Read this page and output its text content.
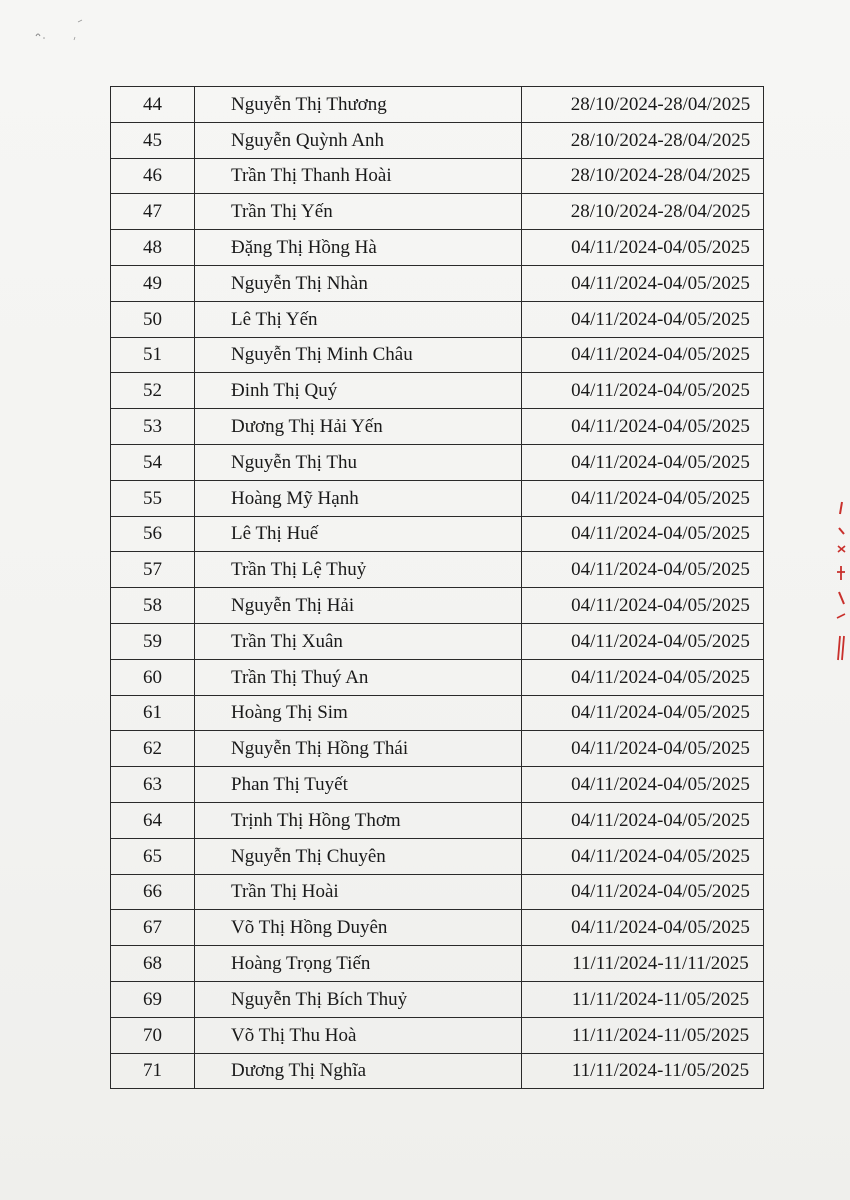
44	Nguyễn Thị Thương	28/10/2024-28/04/2025
45	Nguyễn Quỳnh Anh	28/10/2024-28/04/2025
46	Trần Thị Thanh Hoài	28/10/2024-28/04/2025
47	Trần Thị Yến	28/10/2024-28/04/2025
48	Đặng Thị Hồng Hà	04/11/2024-04/05/2025
49	Nguyễn Thị Nhàn	04/11/2024-04/05/2025
50	Lê Thị Yến	04/11/2024-04/05/2025
51	Nguyễn Thị Minh Châu	04/11/2024-04/05/2025
52	Đinh Thị Quý	04/11/2024-04/05/2025
53	Dương Thị Hải Yến	04/11/2024-04/05/2025
54	Nguyễn Thị Thu	04/11/2024-04/05/2025
55	Hoàng Mỹ Hạnh	04/11/2024-04/05/2025
56	Lê Thị Huế	04/11/2024-04/05/2025
57	Trần Thị Lệ Thuỷ	04/11/2024-04/05/2025
58	Nguyễn Thị Hải	04/11/2024-04/05/2025
59	Trần Thị Xuân	04/11/2024-04/05/2025
60	Trần Thị Thuý An	04/11/2024-04/05/2025
61	Hoàng Thị Sim	04/11/2024-04/05/2025
62	Nguyễn Thị Hồng Thái	04/11/2024-04/05/2025
63	Phan Thị Tuyết	04/11/2024-04/05/2025
64	Trịnh Thị Hồng Thơm	04/11/2024-04/05/2025
65	Nguyễn Thị Chuyên	04/11/2024-04/05/2025
66	Trần Thị Hoài	04/11/2024-04/05/2025
67	Võ Thị Hồng Duyên	04/11/2024-04/05/2025
68	Hoàng Trọng Tiến	11/11/2024-11/11/2025
69	Nguyễn Thị Bích Thuỷ	11/11/2024-11/05/2025
70	Võ Thị Thu Hoà	11/11/2024-11/05/2025
71	Dương Thị Nghĩa	11/11/2024-11/05/2025
